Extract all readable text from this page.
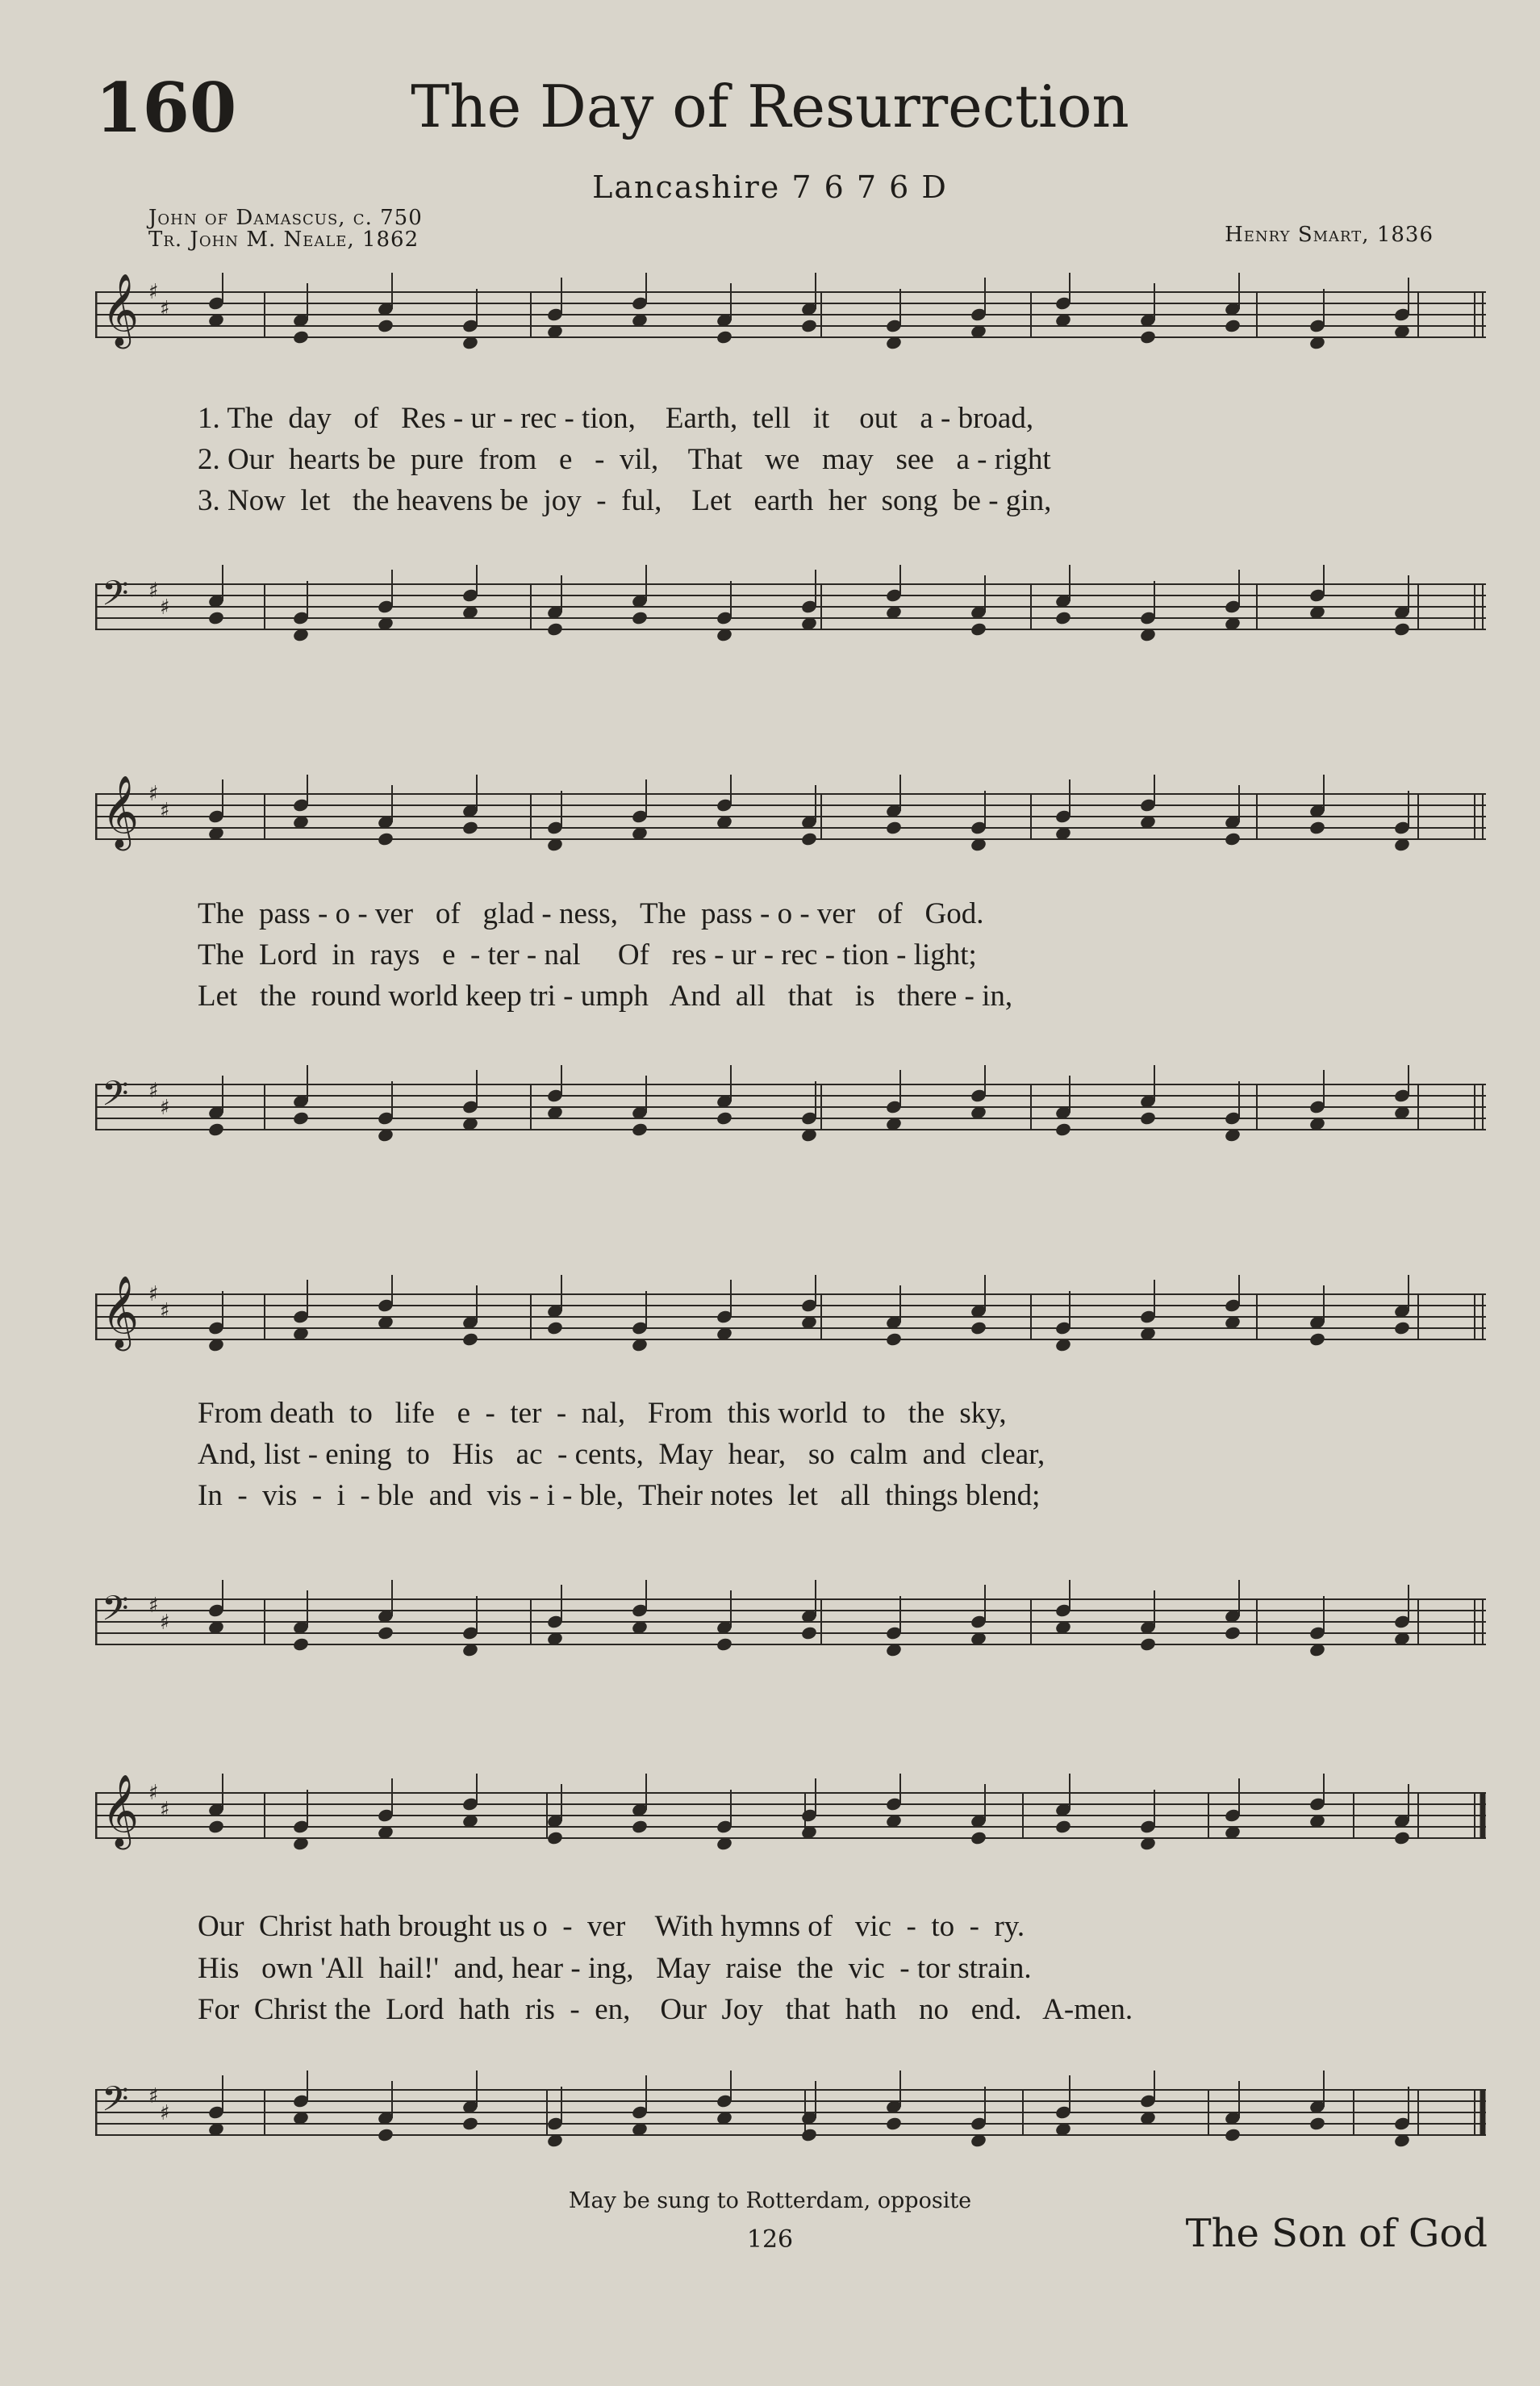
160	The Day of Resurrection
Lancashire 7 6 7 6 D
John of Damascus, c. 750
Tr. John M. Neale, 1862	Henry Smart, 1836
𝄞 ♯
♯
1. The  day   of   Res - ur - rec - tion,    Earth,  tell   it    out   a - broad,
2. Our  hearts be  pure  from   e   -  vil,    That   we   may   see   a - right
3. Now  let   the heavens be  joy  -  ful,    Let   earth  her  song  be - gin,
𝄢 ♯
♯
𝄞 ♯
♯
The  pass - o - ver   of   glad - ness,   The  pass - o - ver   of   God.
The  Lord  in  rays   e  - ter - nal     Of   res - ur - rec - tion - light;
Let   the  round world keep tri - umph   And  all   that   is   there - in,
𝄢 ♯
♯
𝄞 ♯
♯
From death  to   life   e  -  ter  -  nal,   From  this world  to   the  sky,
And, list - ening  to   His   ac  - cents,  May  hear,   so  calm  and  clear,
In  -  vis  -  i  - ble  and  vis - i - ble,  Their notes  let   all  things blend;
𝄢 ♯
♯
𝄞 ♯
♯
Our  Christ hath brought us o  -  ver    With hymns of   vic  -  to  -  ry.
His   own 'All  hail!'  and, hear - ing,   May  raise  the  vic  - tor strain.
For  Christ the  Lord  hath  ris  -  en,    Our  Joy   that  hath   no   end.   A-men.
𝄢 ♯
♯
May be sung to Rotterdam, opposite
126	The Son of God
